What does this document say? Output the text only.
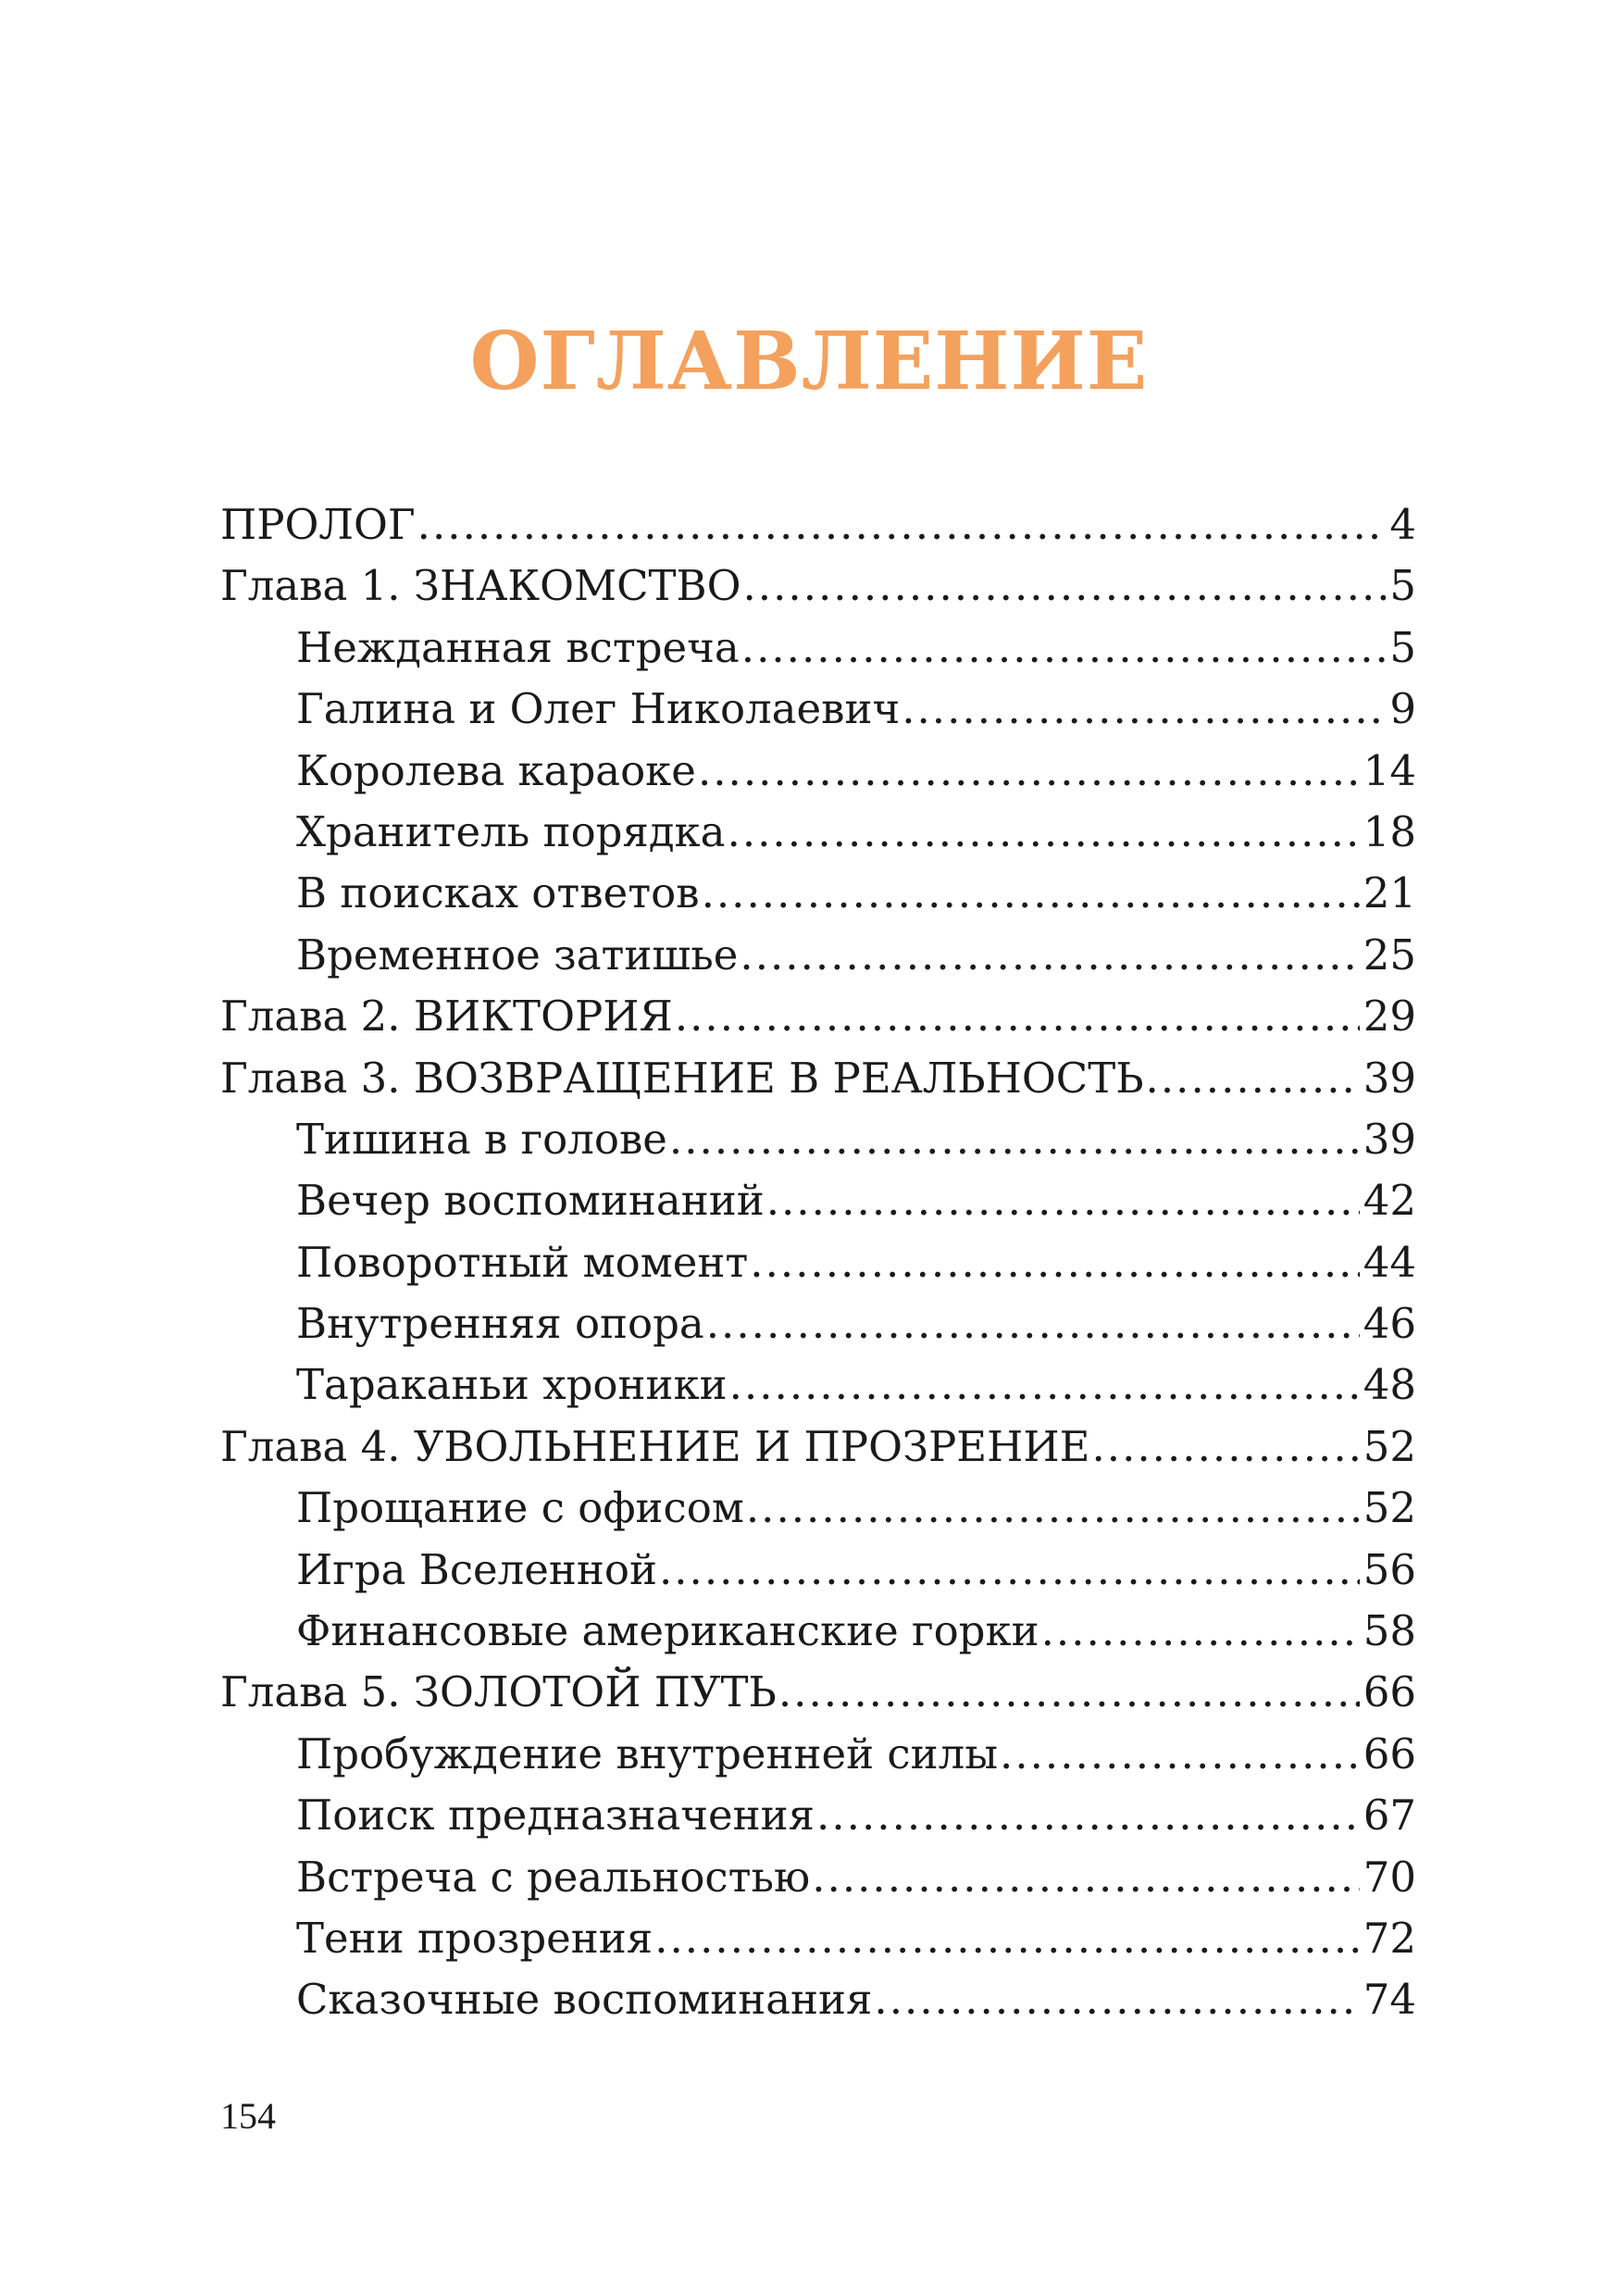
ОГЛАВЛЕНИЕ
ПРОЛОГ .....	4
Глава 1. ЗНАКОМСТВО .....	5
Нежданная встреча .....	5
Галина и Олег Николаевич .....	9
Королева караоке .....	14
Хранитель порядка .....	18
В поисках ответов .....	21
Временное затишье .....	25
Глава 2. ВИКТОРИЯ .....	29
Глава 3. ВОЗВРАЩЕНИЕ В РЕАЛЬНОСТЬ .....	39
Тишина в голове .....	39
Вечер воспоминаний .....	42
Поворотный момент .....	44
Внутренняя опора .....	46
Тараканьи хроники .....	48
Глава 4. УВОЛЬНЕНИЕ И ПРОЗРЕНИЕ .....	52
Прощание с офисом .....	52
Игра Вселенной .....	56
Финансовые американские горки .....	58
Глава 5. ЗОЛОТОЙ ПУТЬ .....	66
Пробуждение внутренней силы .....	66
Поиск предназначения .....	67
Встреча с реальностью .....	70
Тени прозрения .....	72
Сказочные воспоминания .....	74
154
